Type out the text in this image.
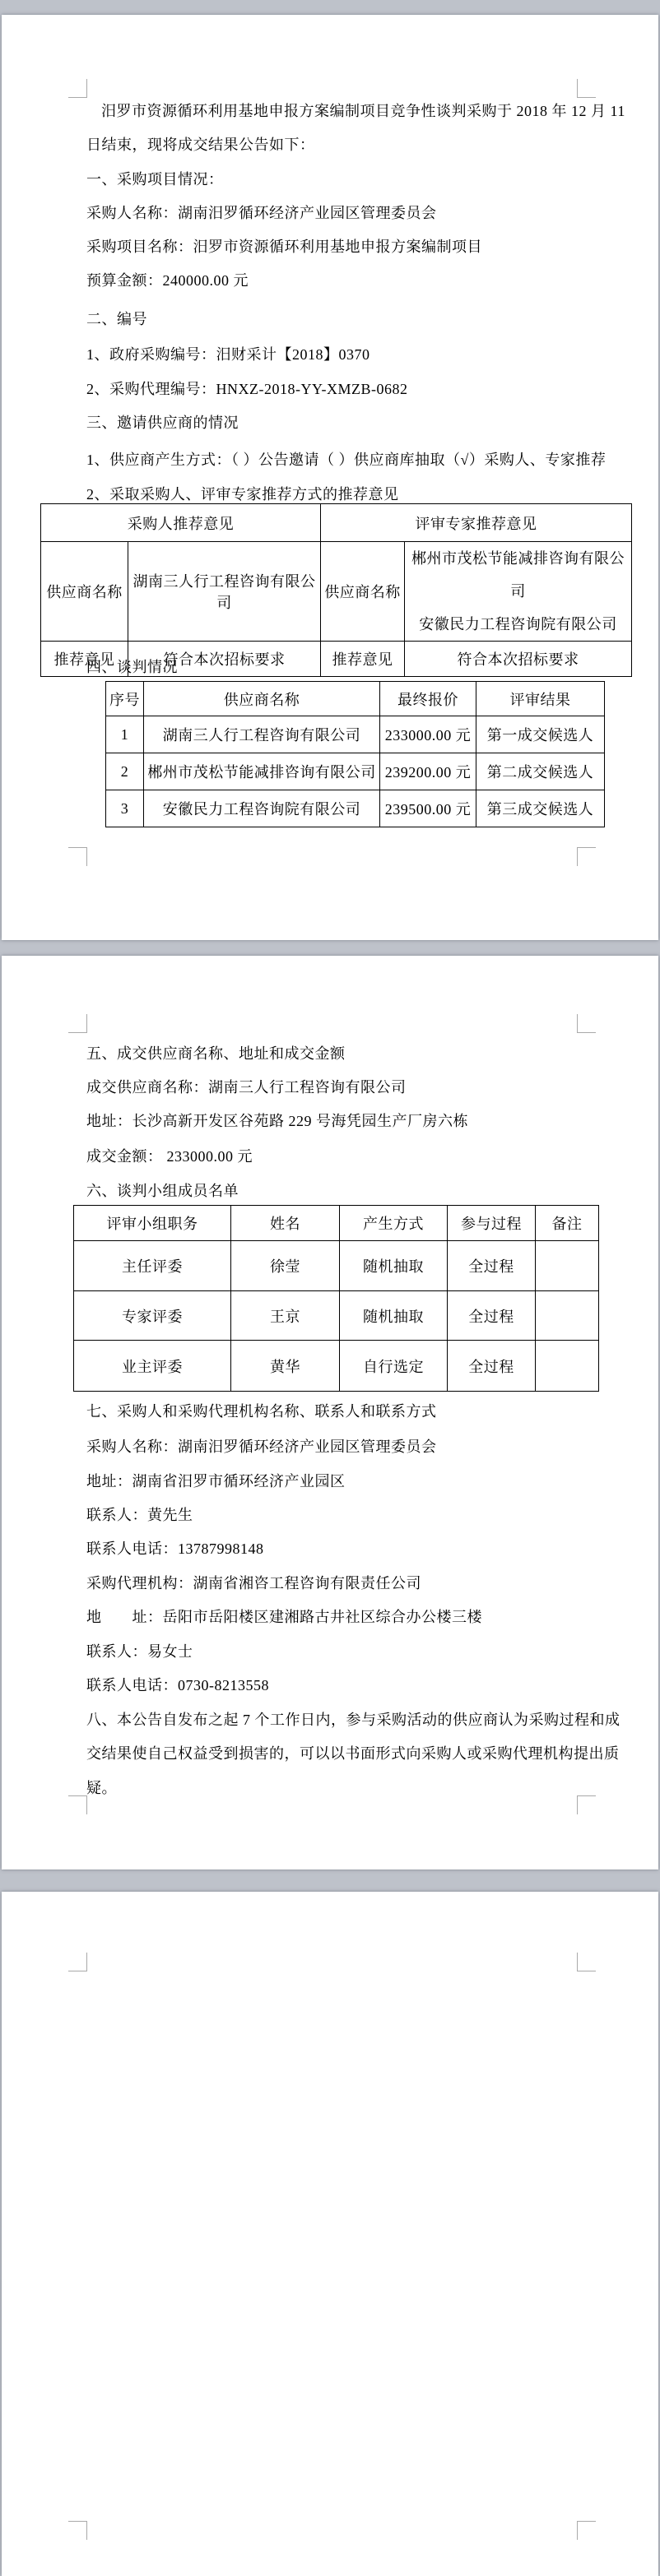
汨罗市资源循环利用基地申报方案编制项目竞争性谈判采购于 2018 年 12 月 11
日结束，现将成交结果公告如下：
一、采购项目情况：
采购人名称：湖南汨罗循环经济产业园区管理委员会
采购项目名称：汨罗市资源循环利用基地申报方案编制项目
预算金额：240000.00 元
二、编号
1、政府采购编号：汨财采计【2018】0370
2、采购代理编号：HNXZ-2018-YY-XMZB-0682
三、邀请供应商的情况
1、供应商产生方式：（ ）公告邀请（ ）供应商库抽取（√）采购人、专家推荐
2、采取采购人、评审专家推荐方式的推荐意见
采购人推荐意见		评审专家推荐意见	
供应商名称	湖南三人行工程咨询有限公司	供应商名称	郴州市茂松节能减排咨询有限公司
安徽民力工程咨询院有限公司

推荐意见	符合本次招标要求	推荐意见	符合本次招标要求
四、谈判情况
序号	供应商名称	最终报价	评审结果
1	湖南三人行工程咨询有限公司	233000.00 元	第一成交候选人
2	郴州市茂松节能减排咨询有限公司	239200.00 元	第二成交候选人
3	安徽民力工程咨询院有限公司	239500.00 元	第三成交候选人
五、成交供应商名称、地址和成交金额
成交供应商名称：湖南三人行工程咨询有限公司
地址：长沙高新开发区谷苑路 229 号海凭园生产厂房六栋
成交金额： 233000.00 元
六、谈判小组成员名单
评审小组职务	姓名	产生方式	参与过程	备注
主任评委	徐莹	随机抽取	全过程	
专家评委	王京	随机抽取	全过程	
业主评委	黄华	自行选定	全过程	
七、采购人和采购代理机构名称、联系人和联系方式
采购人名称：湖南汨罗循环经济产业园区管理委员会
地址：湖南省汨罗市循环经济产业园区
联系人：黄先生
联系人电话：13787998148
采购代理机构：湖南省湘咨工程咨询有限责任公司
地　　址：岳阳市岳阳楼区建湘路古井社区综合办公楼三楼
联系人：易女士
联系人电话：0730-8213558
八、本公告自发布之起 7 个工作日内，参与采购活动的供应商认为采购过程和成
交结果使自己权益受到损害的，可以以书面形式向采购人或采购代理机构提出质
疑。
